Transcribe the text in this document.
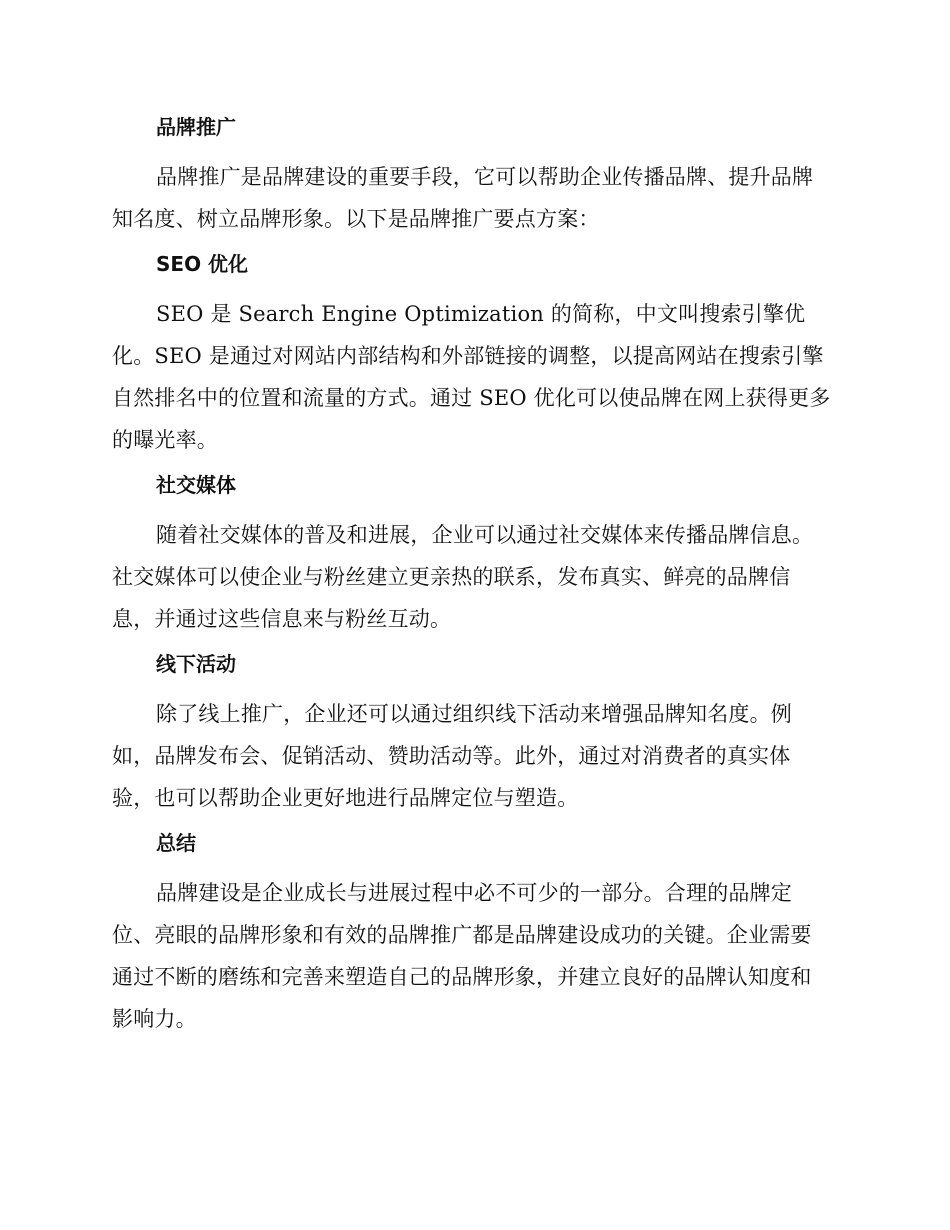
品牌推广

品牌推广是品牌建设的重要手段，它可以帮助企业传播品牌、提升品牌知名度、树立品牌形象。以下是品牌推广要点方案：

SEO 优化

SEO 是 Search Engine Optimization 的简称，中文叫搜索引擎优化。SEO 是通过对网站内部结构和外部链接的调整，以提高网站在搜索引擎自然排名中的位置和流量的方式。通过 SEO 优化可以使品牌在网上获得更多的曝光率。

社交媒体

随着社交媒体的普及和进展，企业可以通过社交媒体来传播品牌信息。社交媒体可以使企业与粉丝建立更亲热的联系，发布真实、鲜亮的品牌信息，并通过这些信息来与粉丝互动。

线下活动

除了线上推广，企业还可以通过组织线下活动来增强品牌知名度。例如，品牌发布会、促销活动、赞助活动等。此外，通过对消费者的真实体验，也可以帮助企业更好地进行品牌定位与塑造。

总结

品牌建设是企业成长与进展过程中必不可少的一部分。合理的品牌定位、亮眼的品牌形象和有效的品牌推广都是品牌建设成功的关键。企业需要通过不断的磨练和完善来塑造自己的品牌形象，并建立良好的品牌认知度和影响力。
